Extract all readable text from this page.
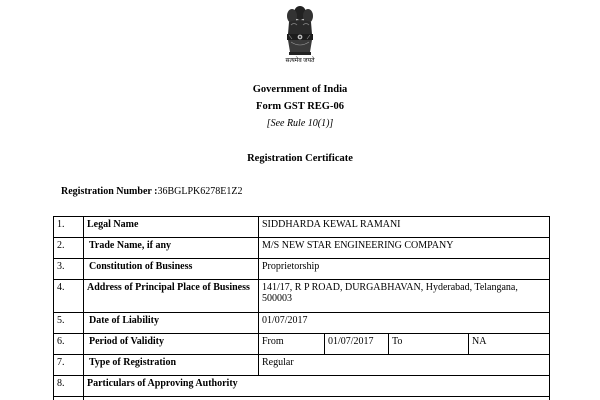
सत्यमेव जयते
Government of India
Form GST REG-06
[See Rule 10(1)]
Registration Certificate
Registration Number :36BGLPK6278E1Z2
1.	Legal Name	SIDDHARDA KEWAL RAMANI			
2.	Trade Name, if any	M/S NEW STAR ENGINEERING COMPANY			
3.	Constitution of Business	Proprietorship			
4.	Address of Principal Place of Business	141/17, R P ROAD, DURGABHAVAN, Hyderabad, Telangana, 500003			
5.	Date of Liability	01/07/2017			
6.	Period of Validity	From	01/07/2017	To	NA
7.	Type of Registration	Regular			
8.	Particulars of Approving Authority				
